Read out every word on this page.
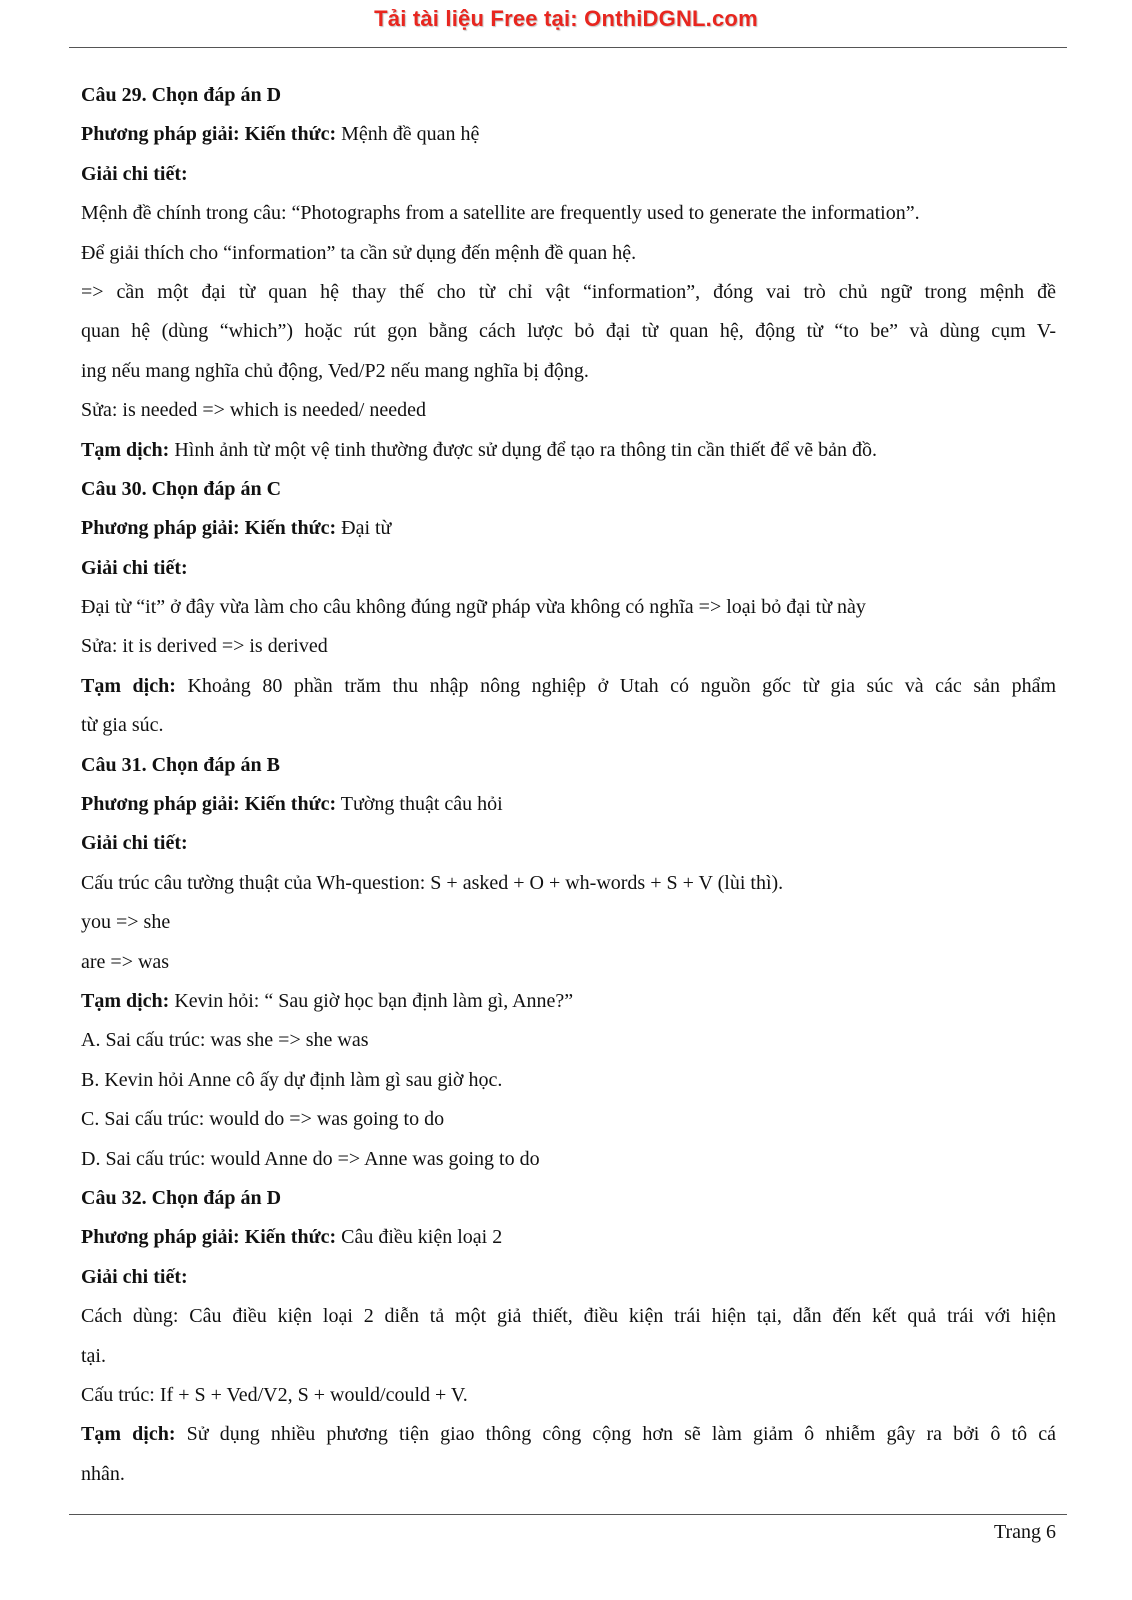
Tải tài liệu Free tại: OnthiDGNL.com
Câu 29. Chọn đáp án D
Phương pháp giải: Kiến thức: Mệnh đề quan hệ
Giải chi tiết:
Mệnh đề chính trong câu: “Photographs from a satellite are frequently used to generate the information”.
Để giải thích cho “information” ta cần sử dụng đến mệnh đề quan hệ.
=> cần một đại từ quan hệ thay thế cho từ chỉ vật “information”, đóng vai trò chủ ngữ trong mệnh đề
quan hệ (dùng “which”) hoặc rút gọn bằng cách lược bỏ đại từ quan hệ, động từ “to be” và dùng cụm V-
ing nếu mang nghĩa chủ động, Ved/P2 nếu mang nghĩa bị động.
Sửa: is needed => which is needed/ needed
Tạm dịch: Hình ảnh từ một vệ tinh thường được sử dụng để tạo ra thông tin cần thiết để vẽ bản đồ.
Câu 30. Chọn đáp án C
Phương pháp giải: Kiến thức: Đại từ
Giải chi tiết:
Đại từ “it” ở đây vừa làm cho câu không đúng ngữ pháp vừa không có nghĩa => loại bỏ đại từ này
Sửa: it is derived => is derived
Tạm dịch: Khoảng 80 phần trăm thu nhập nông nghiệp ở Utah có nguồn gốc từ gia súc và các sản phẩm
từ gia súc.
Câu 31. Chọn đáp án B
Phương pháp giải: Kiến thức: Tường thuật câu hỏi
Giải chi tiết:
Cấu trúc câu tường thuật của Wh-question: S + asked + O + wh-words + S + V (lùi thì).
you => she
are => was
Tạm dịch: Kevin hỏi: “ Sau giờ học bạn định làm gì, Anne?”
A. Sai cấu trúc: was she => she was
B. Kevin hỏi Anne cô ấy dự định làm gì sau giờ học.
C. Sai cấu trúc: would do => was going to do
D. Sai cấu trúc: would Anne do => Anne was going to do
Câu 32. Chọn đáp án D
Phương pháp giải: Kiến thức: Câu điều kiện loại 2
Giải chi tiết:
Cách dùng: Câu điều kiện loại 2 diễn tả một giả thiết, điều kiện trái hiện tại, dẫn đến kết quả trái với hiện
tại.
Cấu trúc: If + S + Ved/V2, S + would/could + V.
Tạm dịch: Sử dụng nhiều phương tiện giao thông công cộng hơn sẽ làm giảm ô nhiễm gây ra bởi ô tô cá
nhân.
Trang 6
